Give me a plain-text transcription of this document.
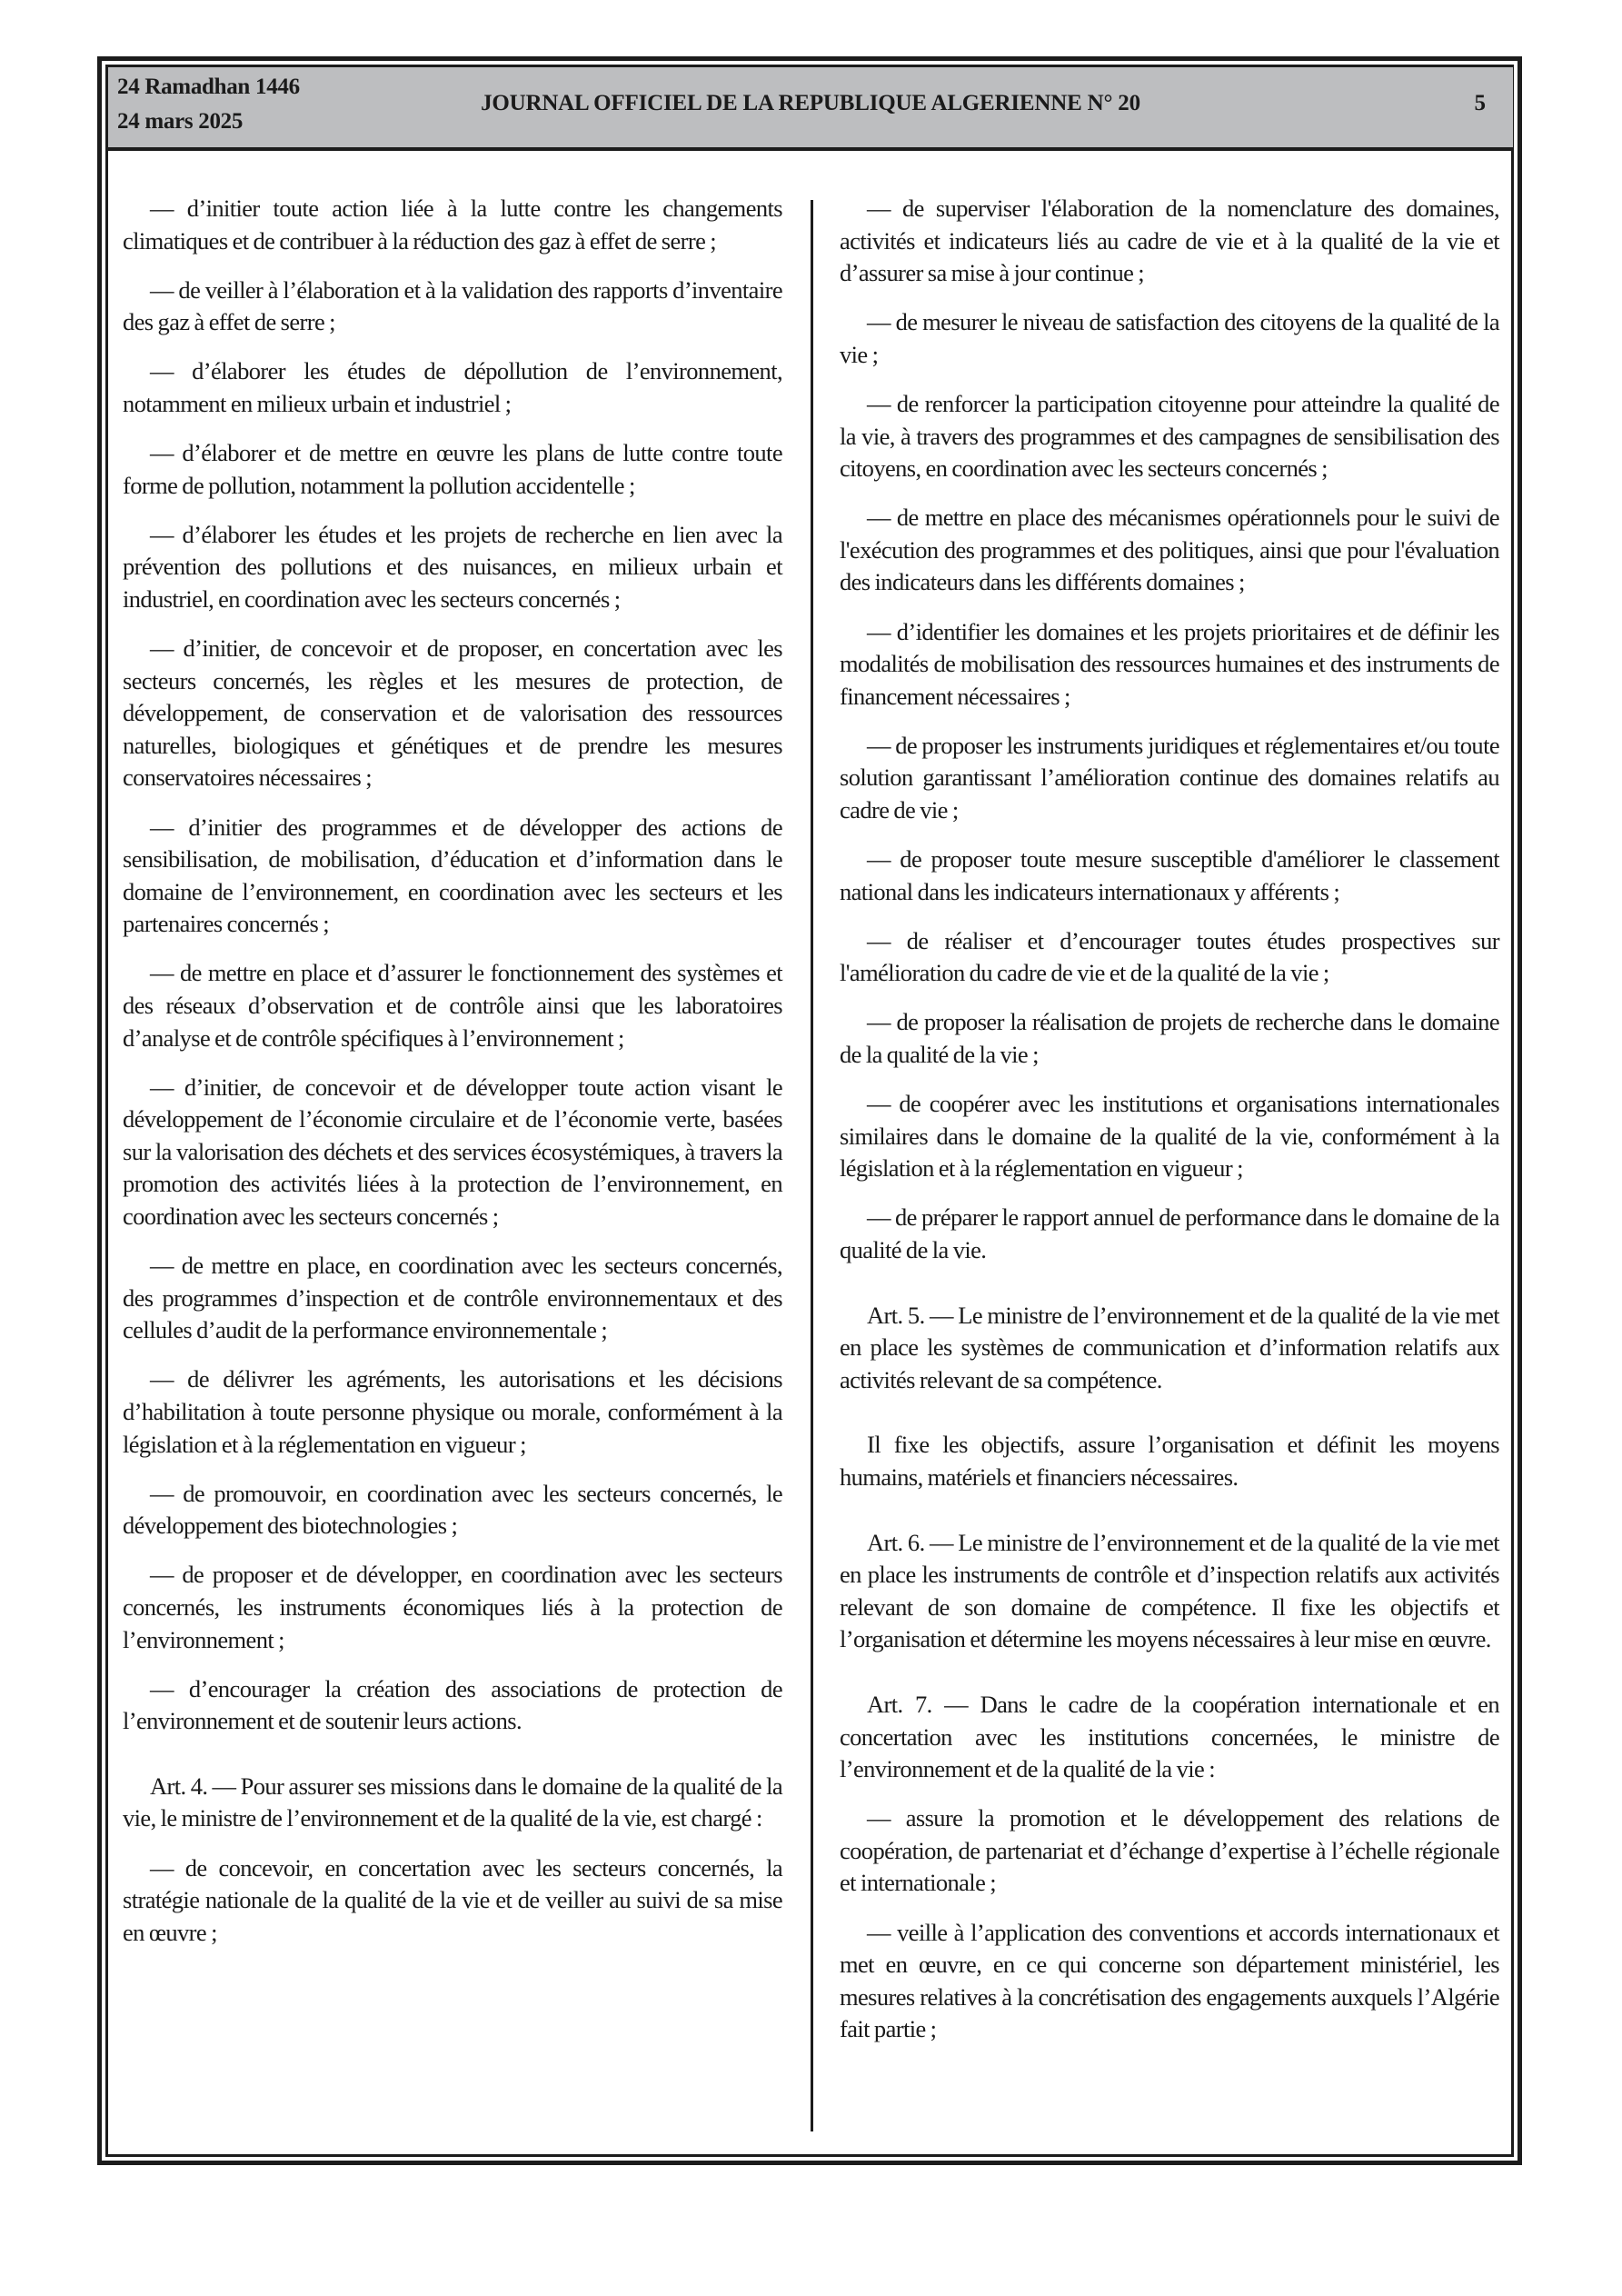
24 Ramadhan 1446
24 mars 2025
JOURNAL OFFICIEL DE LA REPUBLIQUE ALGERIENNE N° 20	5

— d’initier toute action liée à la lutte contre les changements climatiques et de contribuer à la réduction des gaz à effet de serre ;

— de veiller à l’élaboration et à la validation des rapports d’inventaire des gaz à effet de serre ;

— d’élaborer les études de dépollution de l’environnement, notamment en milieux urbain et industriel ;

— d’élaborer et de mettre en œuvre les plans de lutte contre toute forme de pollution, notamment la pollution accidentelle ;

— d’élaborer les études et les projets de recherche en lien avec la prévention des pollutions et des nuisances, en milieux urbain et industriel, en coordination avec les secteurs concernés ;

— d’initier, de concevoir et de proposer, en concertation avec les secteurs concernés, les règles et les mesures de protection, de développement, de conservation et de valorisation des ressources naturelles, biologiques et génétiques et de prendre les mesures conservatoires nécessaires ;

— d’initier des programmes et de développer des actions de sensibilisation, de mobilisation, d’éducation et d’information dans le domaine de l’environnement, en coordination avec les secteurs et les partenaires concernés ;

— de mettre en place et d’assurer le fonctionnement des systèmes et des réseaux d’observation et de contrôle ainsi que les laboratoires d’analyse et de contrôle spécifiques à l’environnement ;

— d’initier, de concevoir et de développer toute action visant le développement de l’économie circulaire et de l’économie verte, basées sur la valorisation des déchets et des services écosystémiques, à travers la promotion des activités liées à la protection de l’environnement, en coordination avec les secteurs concernés ;

— de mettre en place, en coordination avec les secteurs concernés, des programmes d’inspection et de contrôle environnementaux et des cellules d’audit de la performance environnementale ;

— de délivrer les agréments, les autorisations et les décisions d’habilitation à toute personne physique ou morale, conformément à la législation et à la réglementation en vigueur ;

— de promouvoir, en coordination avec les secteurs concernés, le développement des biotechnologies ;

— de proposer et de développer, en coordination avec les secteurs concernés, les instruments économiques liés à la protection de l’environnement ;

— d’encourager la création des associations de protection de l’environnement et de soutenir leurs actions.

Art. 4. — Pour assurer ses missions dans le domaine de la qualité de la vie, le ministre de l’environnement et de la qualité de la vie, est chargé :

— de concevoir, en concertation avec les secteurs concernés, la stratégie nationale de la qualité de la vie et de veiller au suivi de sa mise en œuvre ;

— de superviser l'élaboration de la nomenclature des domaines, activités et indicateurs liés au cadre de vie et à la qualité de la vie et d’assurer sa mise à jour continue ;

— de mesurer le niveau de satisfaction des citoyens de la qualité de la vie ;

— de renforcer la participation citoyenne pour atteindre la qualité de la vie, à travers des programmes et des campagnes de sensibilisation des citoyens, en coordination avec les secteurs concernés ;

— de mettre en place des mécanismes opérationnels pour le suivi de l'exécution des programmes et des politiques, ainsi que pour l'évaluation des indicateurs dans les différents domaines ;

— d’identifier les domaines et les projets prioritaires et de définir les modalités de mobilisation des ressources humaines et des instruments de financement nécessaires ;

— de proposer les instruments juridiques et réglementaires et/ou toute solution garantissant l’amélioration continue des domaines relatifs au cadre de vie ;

— de proposer toute mesure susceptible d'améliorer le classement national dans les indicateurs internationaux y afférents ;

— de réaliser et d’encourager toutes études prospectives sur l'amélioration du cadre de vie et de la qualité de la vie ;

— de proposer la réalisation de projets de recherche dans le domaine de la qualité de la vie ;

— de coopérer avec les institutions et organisations internationales similaires dans le domaine de la qualité de la vie, conformément à la législation et à la réglementation en vigueur ;

— de préparer le rapport annuel de performance dans le domaine de la qualité de la vie.

Art. 5. — Le ministre de l’environnement et de la qualité de la vie met en place les systèmes de communication et d’information relatifs aux activités relevant de sa compétence.

Il fixe les objectifs, assure l’organisation et définit les moyens humains, matériels et financiers nécessaires.

Art. 6. — Le ministre de l’environnement et de la qualité de la vie met en place les instruments de contrôle et d’inspection relatifs aux activités relevant de son domaine de compétence. Il fixe les objectifs et l’organisation et détermine les moyens nécessaires à leur mise en œuvre.

Art. 7. — Dans le cadre de la coopération internationale et en concertation avec les institutions concernées, le ministre de l’environnement et de la qualité de la vie :

— assure la promotion et le développement des relations de coopération, de partenariat et d’échange d’expertise à l’échelle régionale et internationale ;

— veille à l’application des conventions et accords internationaux et met en œuvre, en ce qui concerne son département ministériel, les mesures relatives à la concrétisation des engagements auxquels l’Algérie fait partie ;
